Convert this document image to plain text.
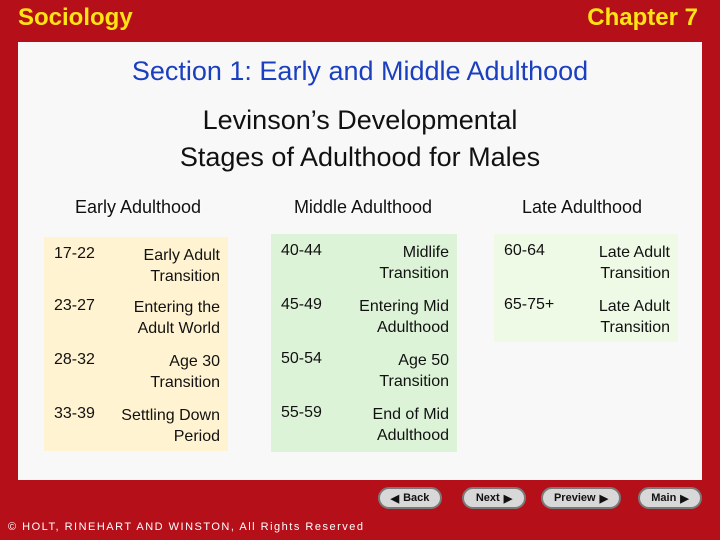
Sociology	Chapter 7
Section 1: Early and Middle Adulthood
Levinson’s Developmental
Stages of Adulthood for Males
Early Adulthood	Middle Adulthood	Late Adulthood
17-22	Early Adult Transition
23-27	Entering the Adult World
28-32	Age 30 Transition
33-39	Settling Down Period
40-44	Midlife Transition
45-49	Entering Mid Adulthood
50-54	Age 50 Transition
55-59	End of Mid Adulthood
60-64	Late Adult Transition
65-75+	Late Adult Transition
◀ Back	Next ▶	Preview ▶	Main ▶
© HOLT, RINEHART AND WINSTON, All Rights Reserved
